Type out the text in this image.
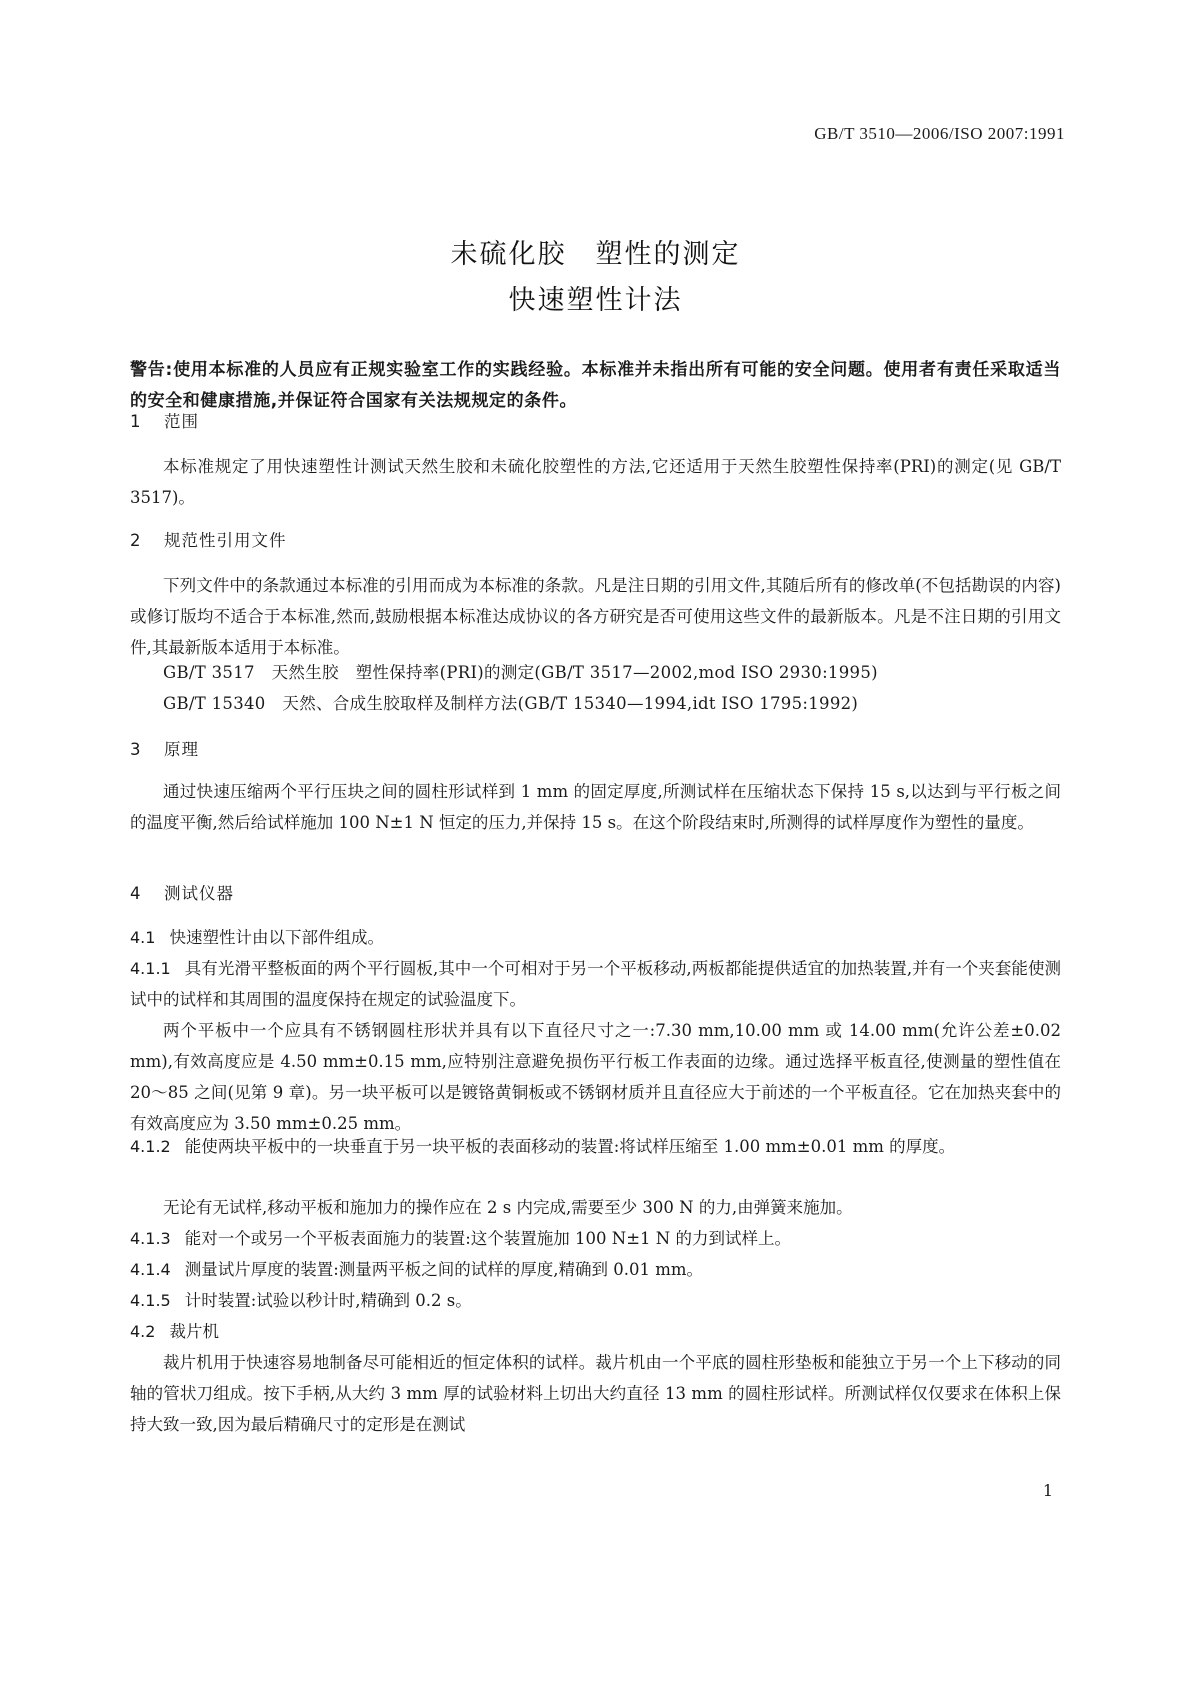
GB/T 3510—2006/ISO 2007:1991
未硫化胶　塑性的测定
快速塑性计法
警告:使用本标准的人员应有正规实验室工作的实践经验。本标准并未指出所有可能的安全问题。使用者有责任采取适当的安全和健康措施,并保证符合国家有关法规规定的条件。
1 范围
本标准规定了用快速塑性计测试天然生胶和未硫化胶塑性的方法,它还适用于天然生胶塑性保持率(PRI)的测定(见 GB/T 3517)。
2 规范性引用文件
下列文件中的条款通过本标准的引用而成为本标准的条款。凡是注日期的引用文件,其随后所有的修改单(不包括勘误的内容)或修订版均不适合于本标准,然而,鼓励根据本标准达成协议的各方研究是否可使用这些文件的最新版本。凡是不注日期的引用文件,其最新版本适用于本标准。
GB/T 3517　天然生胶　塑性保持率(PRI)的测定(GB/T 3517—2002,mod ISO 2930:1995)
GB/T 15340　天然、合成生胶取样及制样方法(GB/T 15340—1994,idt ISO 1795:1992)
3 原理
通过快速压缩两个平行压块之间的圆柱形试样到 1 mm 的固定厚度,所测试样在压缩状态下保持 15 s,以达到与平行板之间的温度平衡,然后给试样施加 100 N±1 N 恒定的压力,并保持 15 s。在这个阶段结束时,所测得的试样厚度作为塑性的量度。
4 测试仪器
4.1 快速塑性计由以下部件组成。
4.1.1 具有光滑平整板面的两个平行圆板,其中一个可相对于另一个平板移动,两板都能提供适宜的加热装置,并有一个夹套能使测试中的试样和其周围的温度保持在规定的试验温度下。
两个平板中一个应具有不锈钢圆柱形状并具有以下直径尺寸之一:7.30 mm,10.00 mm 或 14.00 mm(允许公差±0.02 mm),有效高度应是 4.50 mm±0.15 mm,应特别注意避免损伤平行板工作表面的边缘。通过选择平板直径,使测量的塑性值在 20～85 之间(见第 9 章)。另一块平板可以是镀铬黄铜板或不锈钢材质并且直径应大于前述的一个平板直径。它在加热夹套中的有效高度应为 3.50 mm±0.25 mm。
4.1.2 能使两块平板中的一块垂直于另一块平板的表面移动的装置:将试样压缩至 1.00 mm±0.01 mm 的厚度。
无论有无试样,移动平板和施加力的操作应在 2 s 内完成,需要至少 300 N 的力,由弹簧来施加。
4.1.3 能对一个或另一个平板表面施力的装置:这个装置施加 100 N±1 N 的力到试样上。
4.1.4 测量试片厚度的装置:测量两平板之间的试样的厚度,精确到 0.01 mm。
4.1.5 计时装置:试验以秒计时,精确到 0.2 s。
4.2 裁片机
裁片机用于快速容易地制备尽可能相近的恒定体积的试样。裁片机由一个平底的圆柱形垫板和能独立于另一个上下移动的同轴的管状刀组成。按下手柄,从大约 3 mm 厚的试验材料上切出大约直径 13 mm 的圆柱形试样。所测试样仅仅要求在体积上保持大致一致,因为最后精确尺寸的定形是在测试
1
